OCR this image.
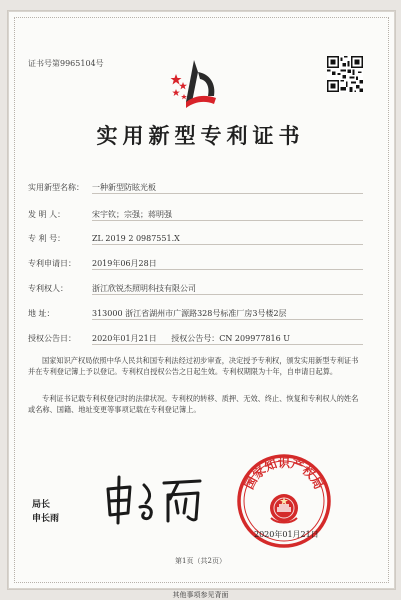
证书号第9965104号
实用新型专利证书
实用新型名称： 一种新型防眩光板
发 明 人：	宋宇钦；宗强；蒋明强
专 利 号：	ZL 2019 2 0987551.X
专利申请日： 2019年06月28日
专利权人：	浙江欣锐杰照明科技有限公司
地 址：	313000 浙江省湖州市广源路328号标准厂房3号楼2层
授权公告日： 2020年01月21日 授权公告号：CN 209977816 U
国家知识产权局依照中华人民共和国专利法经过初步审查，决定授予专利权，颁发实用新型专利证书并在专利登记簿上予以登记。专利权自授权公告之日起生效。专利权期限为十年，自申请日起算。
专利证书记载专利权登记时的法律状况。专利权的转移、质押、无效、终止、恢复和专利权人的姓名或名称、国籍、地址变更等事项记载在专利登记簿上。
局长
申长雨
国家知识产权局
2020年01月21日
第1页（共2页）
其他事项参见背面
